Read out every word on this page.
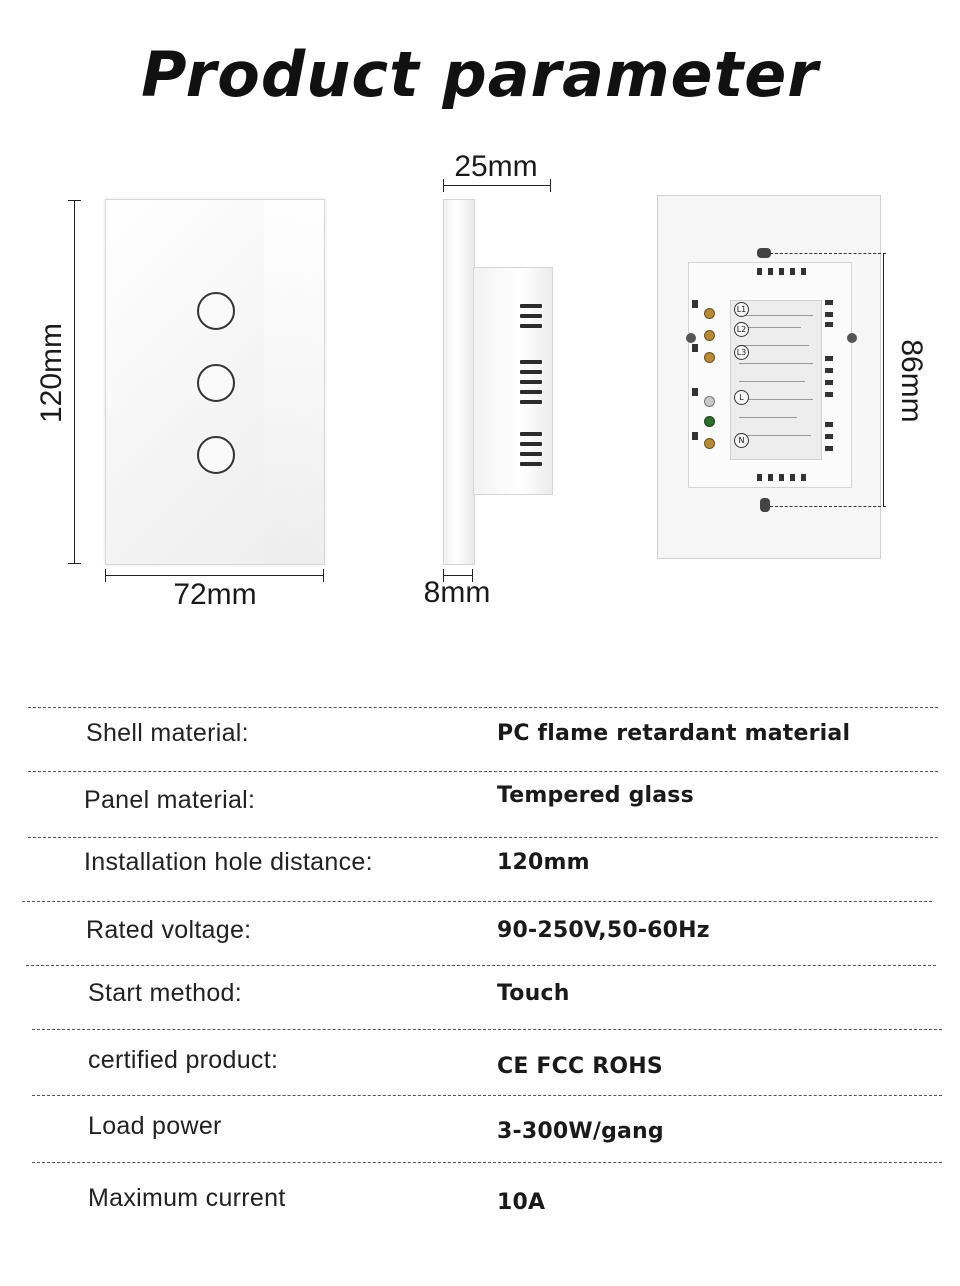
Product parameter
120mm
72mm
25mm
8mm
L1
L2
L3
L
N
86mm
Shell material:	PC flame retardant material
Panel material:	Tempered glass
Installation hole distance:	120mm
Rated voltage:	90-250V,50-60Hz
Start method:	Touch
certified product:	CE FCC ROHS
Load power	3-300W/gang
Maximum current	10A
